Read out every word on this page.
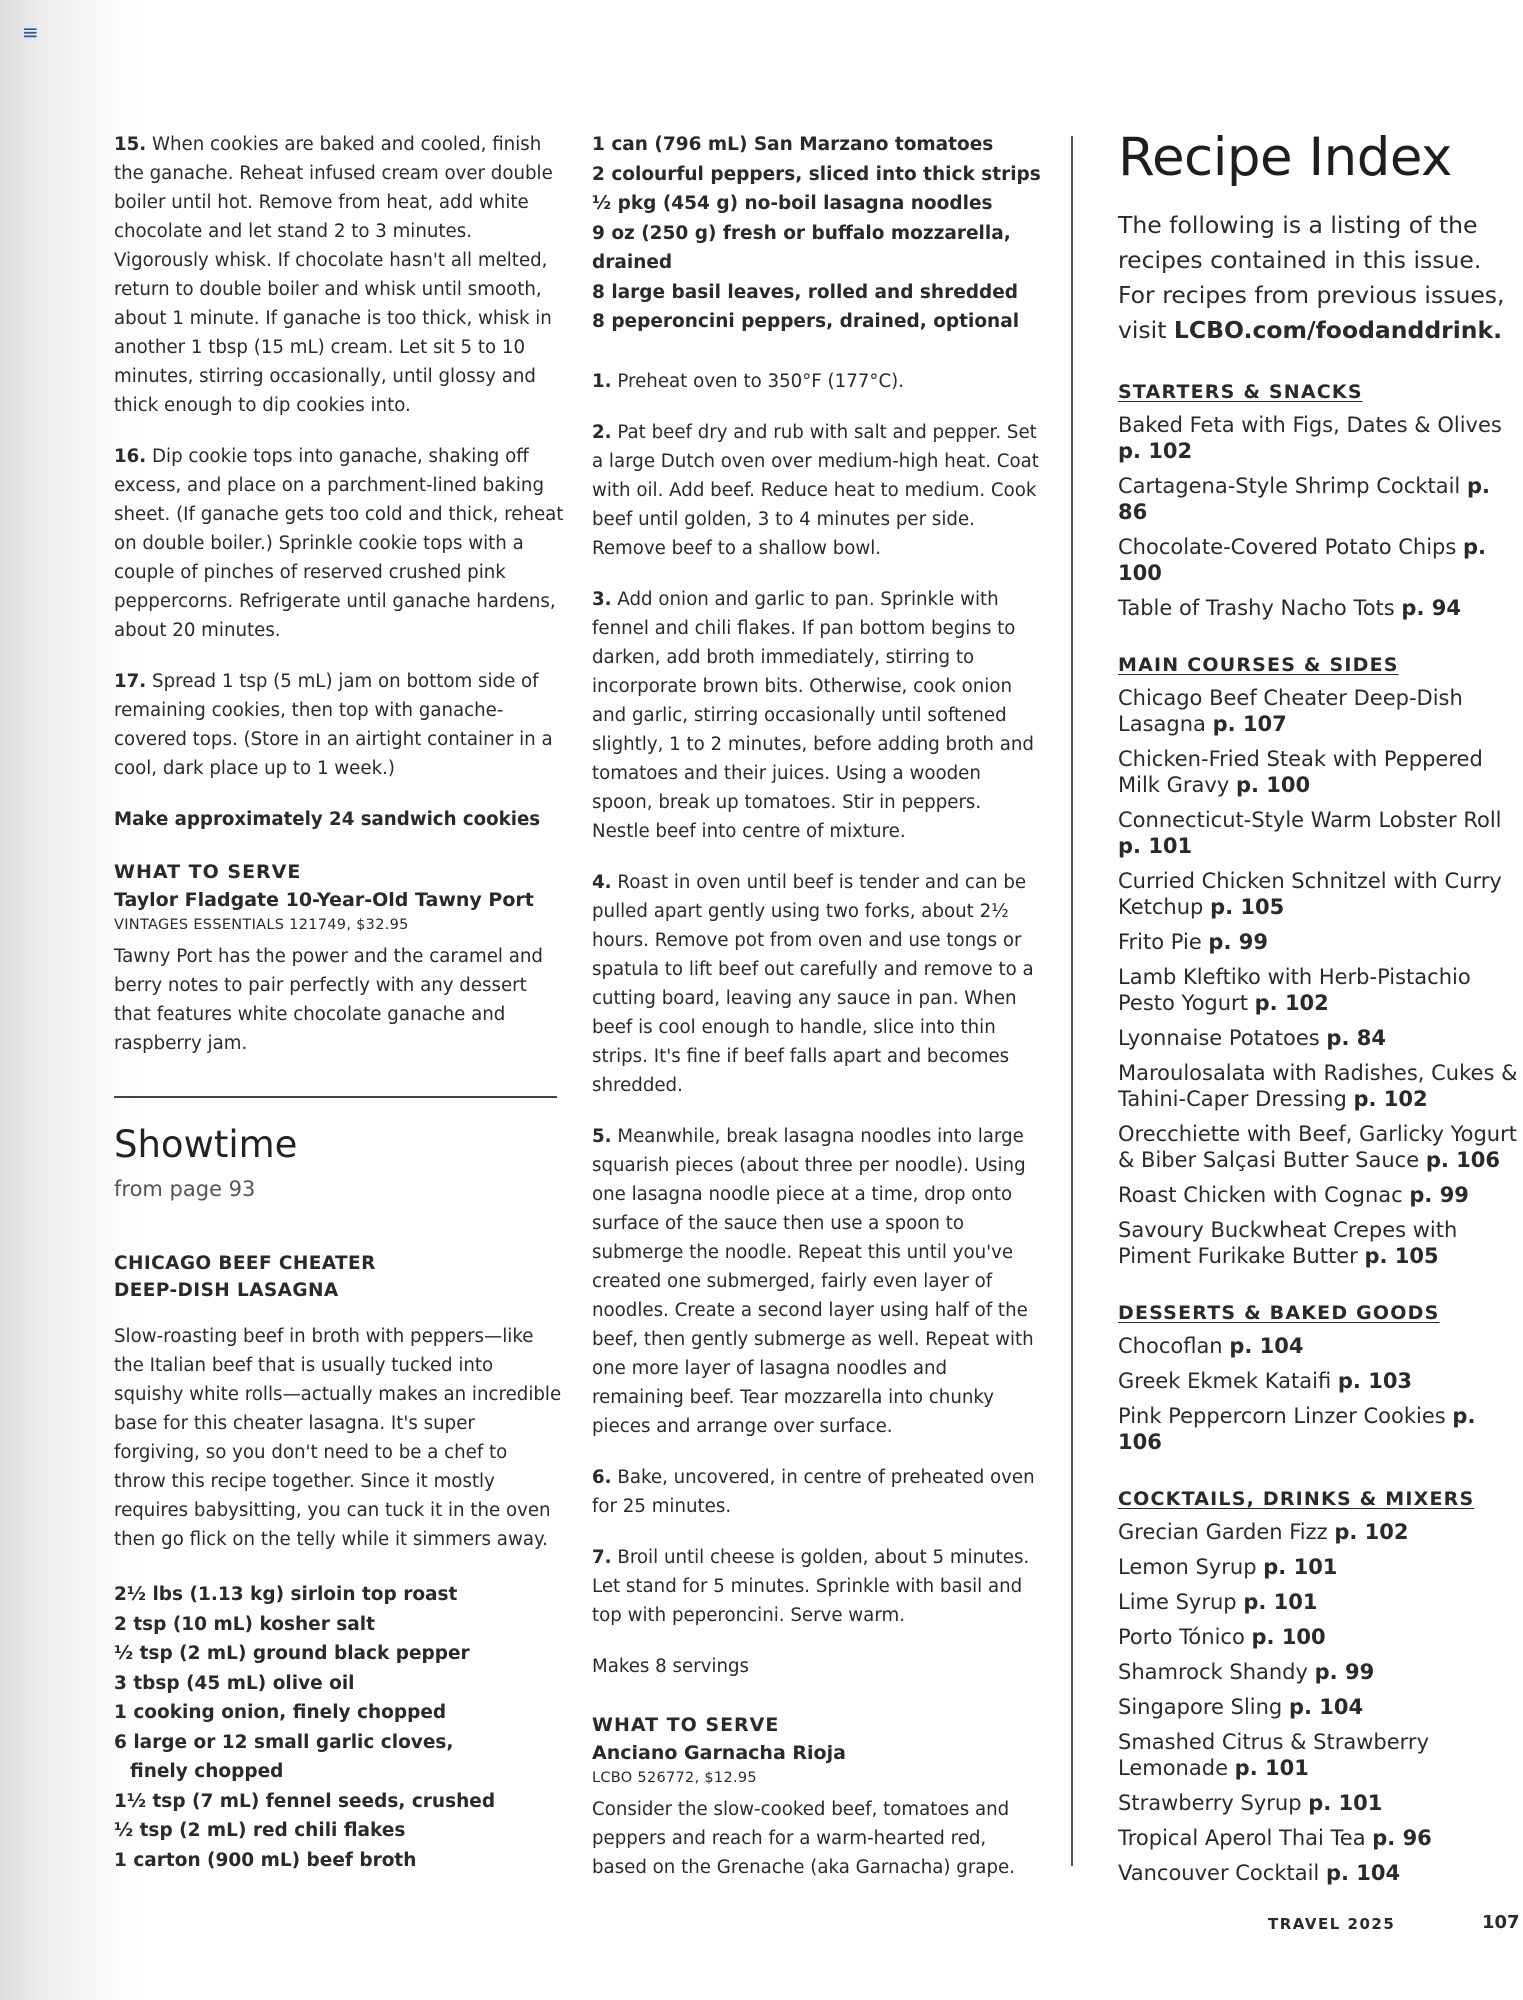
≡
15. When cookies are baked and cooled, finish the ganache. Reheat infused cream over double boiler until hot. Remove from heat, add white chocolate and let stand 2 to 3 minutes. Vigorously whisk. If chocolate hasn't all melted, return to double boiler and whisk until smooth, about 1 minute. If ganache is too thick, whisk in another 1 tbsp (15 mL) cream. Let sit 5 to 10 minutes, stirring occasionally, until glossy and thick enough to dip cookies into.
16. Dip cookie tops into ganache, shaking off excess, and place on a parchment-lined baking sheet. (If ganache gets too cold and thick, reheat on double boiler.) Sprinkle cookie tops with a couple of pinches of reserved crushed pink peppercorns. Refrigerate until ganache hardens, about 20 minutes.
17. Spread 1 tsp (5 mL) jam on bottom side of remaining cookies, then top with ganache-covered tops. (Store in an airtight container in a cool, dark place up to 1 week.)
Make approximately 24 sandwich cookies
WHAT TO SERVE
Taylor Fladgate 10-Year-Old Tawny Port
VINTAGES ESSENTIALS 121749, $32.95
Tawny Port has the power and the caramel and berry notes to pair perfectly with any dessert that features white chocolate ganache and raspberry jam.
Showtime
from page 93
CHICAGO BEEF CHEATER
DEEP-DISH LASAGNA
Slow-roasting beef in broth with peppers—like the Italian beef that is usually tucked into squishy white rolls—actually makes an incredible base for this cheater lasagna. It's super forgiving, so you don't need to be a chef to throw this recipe together. Since it mostly requires babysitting, you can tuck it in the oven then go flick on the telly while it simmers away.
2½ lbs (1.13 kg) sirloin top roast
2 tsp (10 mL) kosher salt
½ tsp (2 mL) ground black pepper
3 tbsp (45 mL) olive oil
1 cooking onion, finely chopped
6 large or 12 small garlic cloves,
finely chopped
1½ tsp (7 mL) fennel seeds, crushed
½ tsp (2 mL) red chili flakes
1 carton (900 mL) beef broth
1 can (796 mL) San Marzano tomatoes
2 colourful peppers, sliced into thick strips
½ pkg (454 g) no-boil lasagna noodles
9 oz (250 g) fresh or buffalo mozzarella, drained
8 large basil leaves, rolled and shredded
8 peperoncini peppers, drained, optional
1. Preheat oven to 350°F (177°C).
2. Pat beef dry and rub with salt and pepper. Set a large Dutch oven over medium-high heat. Coat with oil. Add beef. Reduce heat to medium. Cook beef until golden, 3 to 4 minutes per side. Remove beef to a shallow bowl.
3. Add onion and garlic to pan. Sprinkle with fennel and chili flakes. If pan bottom begins to darken, add broth immediately, stirring to incorporate brown bits. Otherwise, cook onion and garlic, stirring occasionally until softened slightly, 1 to 2 minutes, before adding broth and tomatoes and their juices. Using a wooden spoon, break up tomatoes. Stir in peppers. Nestle beef into centre of mixture.
4. Roast in oven until beef is tender and can be pulled apart gently using two forks, about 2½ hours. Remove pot from oven and use tongs or spatula to lift beef out carefully and remove to a cutting board, leaving any sauce in pan. When beef is cool enough to handle, slice into thin strips. It's fine if beef falls apart and becomes shredded.
5. Meanwhile, break lasagna noodles into large squarish pieces (about three per noodle). Using one lasagna noodle piece at a time, drop onto surface of the sauce then use a spoon to submerge the noodle. Repeat this until you've created one submerged, fairly even layer of noodles. Create a second layer using half of the beef, then gently submerge as well. Repeat with one more layer of lasagna noodles and remaining beef. Tear mozzarella into chunky pieces and arrange over surface.
6. Bake, uncovered, in centre of preheated oven for 25 minutes.
7. Broil until cheese is golden, about 5 minutes. Let stand for 5 minutes. Sprinkle with basil and top with peperoncini. Serve warm.
Makes 8 servings
WHAT TO SERVE
Anciano Garnacha Rioja
LCBO 526772, $12.95
Consider the slow-cooked beef, tomatoes and peppers and reach for a warm-hearted red, based on the Grenache (aka Garnacha) grape.
Recipe Index
The following is a listing of the recipes contained in this issue. For recipes from previous issues, visit LCBO.com/foodanddrink.
STARTERS & SNACKS
Baked Feta with Figs, Dates & Olives p. 102
Cartagena-Style Shrimp Cocktail p. 86
Chocolate-Covered Potato Chips p. 100
Table of Trashy Nacho Tots p. 94
MAIN COURSES & SIDES
Chicago Beef Cheater Deep-Dish Lasagna p. 107
Chicken-Fried Steak with Peppered Milk Gravy p. 100
Connecticut-Style Warm Lobster Roll p. 101
Curried Chicken Schnitzel with Curry Ketchup p. 105
Frito Pie p. 99
Lamb Kleftiko with Herb-Pistachio Pesto Yogurt p. 102
Lyonnaise Potatoes p. 84
Maroulosalata with Radishes, Cukes & Tahini-Caper Dressing p. 102
Orecchiette with Beef, Garlicky Yogurt & Biber Salçasi Butter Sauce p. 106
Roast Chicken with Cognac p. 99
Savoury Buckwheat Crepes with Piment Furikake Butter p. 105
DESSERTS & BAKED GOODS
Chocoflan p. 104
Greek Ekmek Kataifi p. 103
Pink Peppercorn Linzer Cookies p. 106
COCKTAILS, DRINKS & MIXERS
Grecian Garden Fizz p. 102
Lemon Syrup p. 101
Lime Syrup p. 101
Porto Tónico p. 100
Shamrock Shandy p. 99
Singapore Sling p. 104
Smashed Citrus & Strawberry Lemonade p. 101
Strawberry Syrup p. 101
Tropical Aperol Thai Tea p. 96
Vancouver Cocktail p. 104
TRAVEL 2025	107
